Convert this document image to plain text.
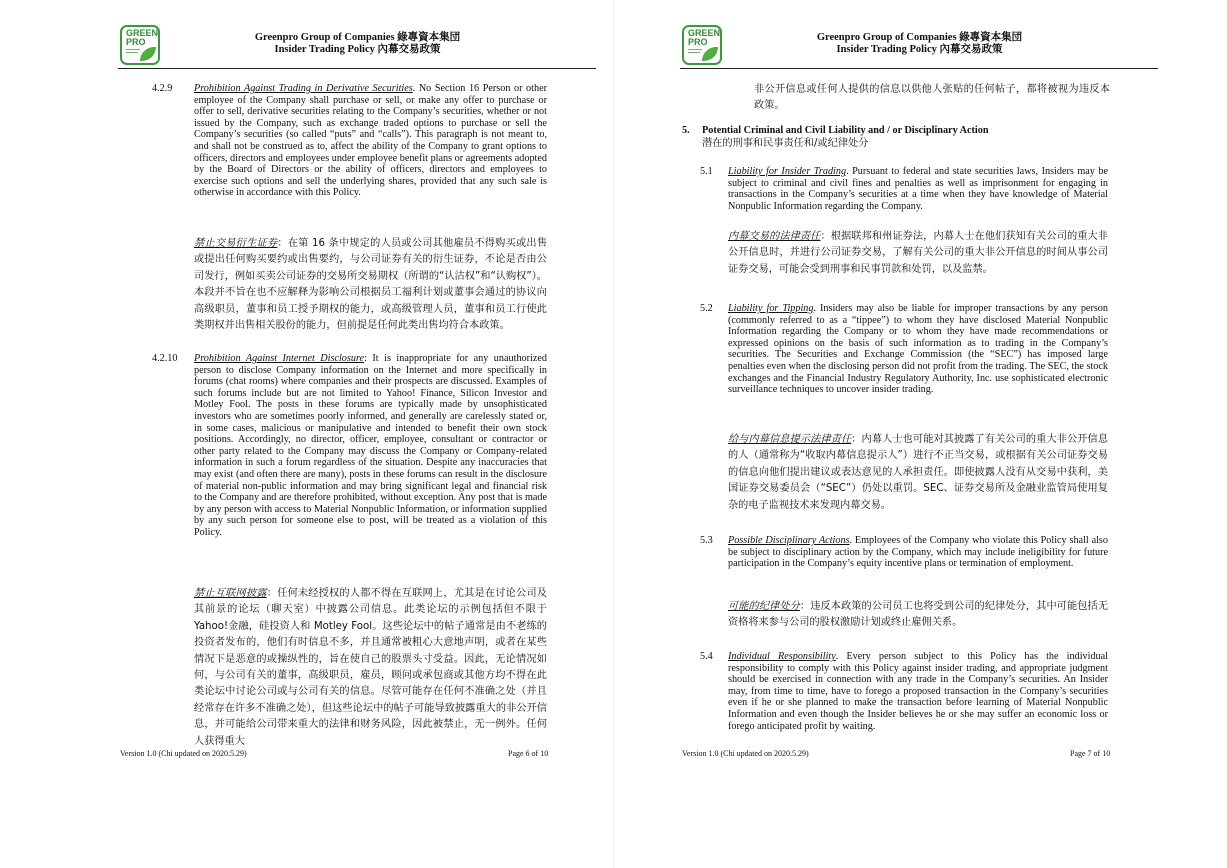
GREEN
PRO	Greenpro Group of Companies 綠專資本集団
Insider Trading Policy 內幕交易政策
4.2.9 Prohibition Against Trading in Derivative Securities. No Section 16 Person or other employee of the Company shall purchase or sell, or make any offer to purchase or offer to sell, derivative securities relating to the Company’s securities, whether or not issued by the Company, such as exchange traded options to purchase or sell the Company’s securities (so called “puts” and “calls”). This paragraph is not meant to, and shall not be construed as to, affect the ability of the Company to grant options to officers, directors and employees under employee benefit plans or agreements adopted by the Board of Directors or the ability of officers, directors and employees to exercise such options and sell the underlying shares, provided that any such sale is otherwise in accordance with this Policy.
禁止交易衍生证券：在第 16 条中规定的人员或公司其他雇员不得购买或出售或提出任何购买要约或出售要约，与公司证券有关的衍生证券，不论是否由公司发行，例如买卖公司证券的交易所交易期权（所谓的“认沽权”和“认购权”）。本段并不旨在也不应解释为影响公司根据员工福利计划或董事会通过的协议向高级职员，董事和员工授予期权的能力，或高级管理人员，董事和员工行使此类期权并出售相关股份的能力，但前提是任何此类出售均符合本政策。
4.2.10 Prohibition Against Internet Disclosure: It is inappropriate for any unauthorized person to disclose Company information on the Internet and more specifically in forums (chat rooms) where companies and their prospects are discussed. Examples of such forums include but are not limited to Yahoo! Finance, Silicon Investor and Motley Fool. The posts in these forums are typically made by unsophisticated investors who are sometimes poorly informed, and generally are carelessly stated or, in some cases, malicious or manipulative and intended to benefit their own stock positions. Accordingly, no director, officer, employee, consultant or contractor or other party related to the Company may discuss the Company or Company-related information in such a forum regardless of the situation. Despite any inaccuracies that may exist (and often there are many), posts in these forums can result in the disclosure of material non-public information and may bring significant legal and financial risk to the Company and are therefore prohibited, without exception. Any post that is made by any person with access to Material Nonpublic Information, or information supplied by any such person for someone else to post, will be treated as a violation of this Policy.
禁止互联网披露：任何未经授权的人都不得在互联网上，尤其是在讨论公司及其前景的论坛（聊天室）中披露公司信息。此类论坛的示例包括但不限于 Yahoo!金融，硅投资人和 Motley Fool。这些论坛中的帖子通常是由不老练的投资者发布的，他们有时信息不多，并且通常被粗心大意地声明，或者在某些情况下是恶意的或操纵性的，旨在使自己的股票头寸受益。因此，无论情况如何，与公司有关的董事，高级职员，雇员，顾问或承包商或其他方均不得在此类论坛中讨论公司或与公司有关的信息。尽管可能存在任何不准确之处（并且经常存在许多不准确之处），但这些论坛中的帖子可能导致披露重大的非公开信息，并可能给公司带来重大的法律和财务风险，因此被禁止，无一例外。任何人获得重大
Version 1.0 (Chi updated on 2020.5.29)	Page 6 of 10
GREEN
PRO	Greenpro Group of Companies 綠專資本集団
Insider Trading Policy 內幕交易政策
非公开信息或任何人提供的信息以供他人张贴的任何帖子，都将被视为违反本政策。
5. Potential Criminal and Civil Liability and / or Disciplinary Action
潜在的刑事和民事责任和/或纪律处分
5.1 Liability for Insider Trading. Pursuant to federal and state securities laws, Insiders may be subject to criminal and civil fines and penalties as well as imprisonment for engaging in transactions in the Company’s securities at a time when they have knowledge of Material Nonpublic Information regarding the Company.
内幕交易的法律责任：根据联邦和州证券法，内幕人士在他们获知有关公司的重大非公开信息时，并进行公司证券交易，了解有关公司的重大非公开信息的时间从事公司证券交易，可能会受到刑事和民事罚款和处罚，以及监禁。
5.2 Liability for Tipping. Insiders may also be liable for improper transactions by any person (commonly referred to as a “tippee”) to whom they have disclosed Material Nonpublic Information regarding the Company or to whom they have made recommendations or expressed opinions on the basis of such information as to trading in the Company’s securities. The Securities and Exchange Commission (the “SEC”) has imposed large penalties even when the disclosing person did not profit from the trading. The SEC, the stock exchanges and the Financial Industry Regulatory Authority, Inc. use sophisticated electronic surveillance techniques to uncover insider trading.
给与内幕信息提示法律责任：内幕人士也可能对其披露了有关公司的重大非公开信息的人（通常称为“收取内幕信息提示人”）进行不正当交易，或根据有关公司证券交易的信息向他们提出建议或表达意见的人承担责任。即使披露人没有从交易中获利，美国证券交易委员会（“SEC”）仍处以重罚。SEC、证券交易所及金融业监管局使用复杂的电子监视技术来发现内幕交易。
5.3 Possible Disciplinary Actions. Employees of the Company who violate this Policy shall also be subject to disciplinary action by the Company, which may include ineligibility for future participation in the Company’s equity incentive plans or termination of employment.
可能的纪律处分：违反本政策的公司员工也将受到公司的纪律处分，其中可能包括无资格将来参与公司的股权激励计划或终止雇佣关系。
5.4 Individual Responsibility. Every person subject to this Policy has the individual responsibility to comply with this Policy against insider trading, and appropriate judgment should be exercised in connection with any trade in the Company’s securities. An Insider may, from time to time, have to forego a proposed transaction in the Company’s securities even if he or she planned to make the transaction before learning of Material Nonpublic Information and even though the Insider believes he or she may suffer an economic loss or forego anticipated profit by waiting.
Version 1.0 (Chi updated on 2020.5.29)	Page 7 of 10
